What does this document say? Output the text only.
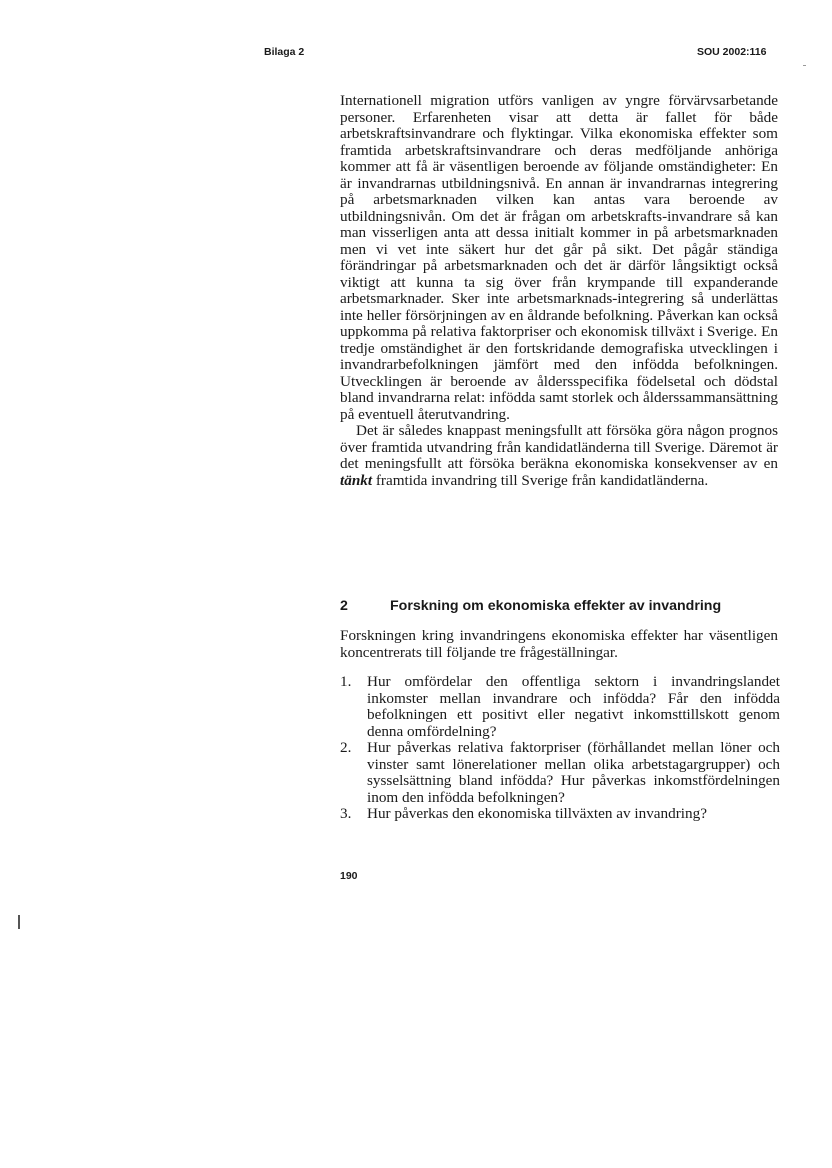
Bilaga 2	SOU 2002:116

Internationell migration utförs vanligen av yngre förvärvsarbetande personer. Erfarenheten visar att detta är fallet för både arbetskraftsinvandrare och flyktingar. Vilka ekonomiska effekter som framtida arbetskraftsinvandrare och deras medföljande anhöriga kommer att få är väsentligen beroende av följande omständigheter: En är invandrarnas utbildningsnivå. En annan är invandrarnas integrering på arbetsmarknaden vilken kan antas vara beroende av utbildningsnivån. Om det är frågan om arbetskrafts-invandrare så kan man visserligen anta att dessa initialt kommer in på arbetsmarknaden men vi vet inte säkert hur det går på sikt. Det pågår ständiga förändringar på arbetsmarknaden och det är därför långsiktigt också viktigt att kunna ta sig över från krympande till expanderande arbetsmarknader. Sker inte arbetsmarknads-integrering så underlättas inte heller försörjningen av en åldrande befolkning. Påverkan kan också uppkomma på relativa faktorpriser och ekonomisk tillväxt i Sverige. En tredje omständighet är den fortskridande demografiska utvecklingen i invandrarbefolkningen jämfört med den infödda befolkningen. Utvecklingen är beroende av åldersspecifika födelsetal och dödstal bland invandrarna relat: infödda samt storlek och ålderssammansättning på eventuell återutvandring.

Det är således knappast meningsfullt att försöka göra någon prognos över framtida utvandring från kandidatländerna till Sverige. Däremot är det meningsfullt att försöka beräkna ekonomiska konsekvenser av en tänkt framtida invandring till Sverige från kandidatländerna.

2	Forskning om ekonomiska effekter av invandring

Forskningen kring invandringens ekonomiska effekter har väsentligen koncentrerats till följande tre frågeställningar.

1.	Hur omfördelar den offentliga sektorn i invandringslandet inkomster mellan invandrare och infödda? Får den infödda befolkningen ett positivt eller negativt inkomsttillskott genom denna omfördelning?
2.	Hur påverkas relativa faktorpriser (förhållandet mellan löner och vinster samt lönerelationer mellan olika arbetstagargrupper) och sysselsättning bland infödda? Hur påverkas inkomstfördelningen inom den infödda befolkningen?
3.	Hur påverkas den ekonomiska tillväxten av invandring?
190
